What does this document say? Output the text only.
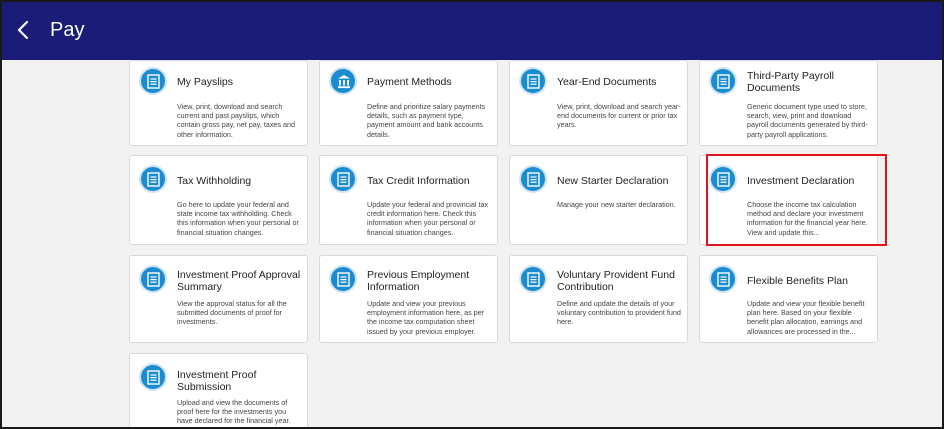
Pay
My Payslips
View, print, download and search current and past payslips, which contain gross pay, net pay, taxes and other information.
Payment Methods
Define and prioritize salary payments details, such as payment type, payment amount and bank accounts details.
Year-End Documents
View, print, download and search year-end documents for current or prior tax years.
Third-Party Payroll Documents
Generic document type used to store, search, view, print and download payroll documents generated by third-party payroll applications.
Tax Withholding
Go here to update your federal and state income tax withholding. Check this information when your personal or financial situation changes.
Tax Credit Information
Update your federal and provincial tax credit information here. Check this information when your personal or financial situation changes.
New Starter Declaration
Manage your new starter declaration.
Investment Declaration
Choose the income tax calculation method and declare your investment information for the financial year here. View and update this...
Investment Proof Approval Summary
View the approval status for all the submitted documents of proof for investments.
Previous Employment Information
Update and view your previous employment information here, as per the income tax computation sheet issued by your previous employer.
Voluntary Provident Fund Contribution
Define and update the details of your voluntary contribution to provident fund here.
Flexible Benefits Plan
Update and view your flexible benefit plan here. Based on your flexible benefit plan allocation, earnings and allowances are processed in the...
Investment Proof Submission
Upload and view the documents of proof here for the investments you have declared for the financial year.
